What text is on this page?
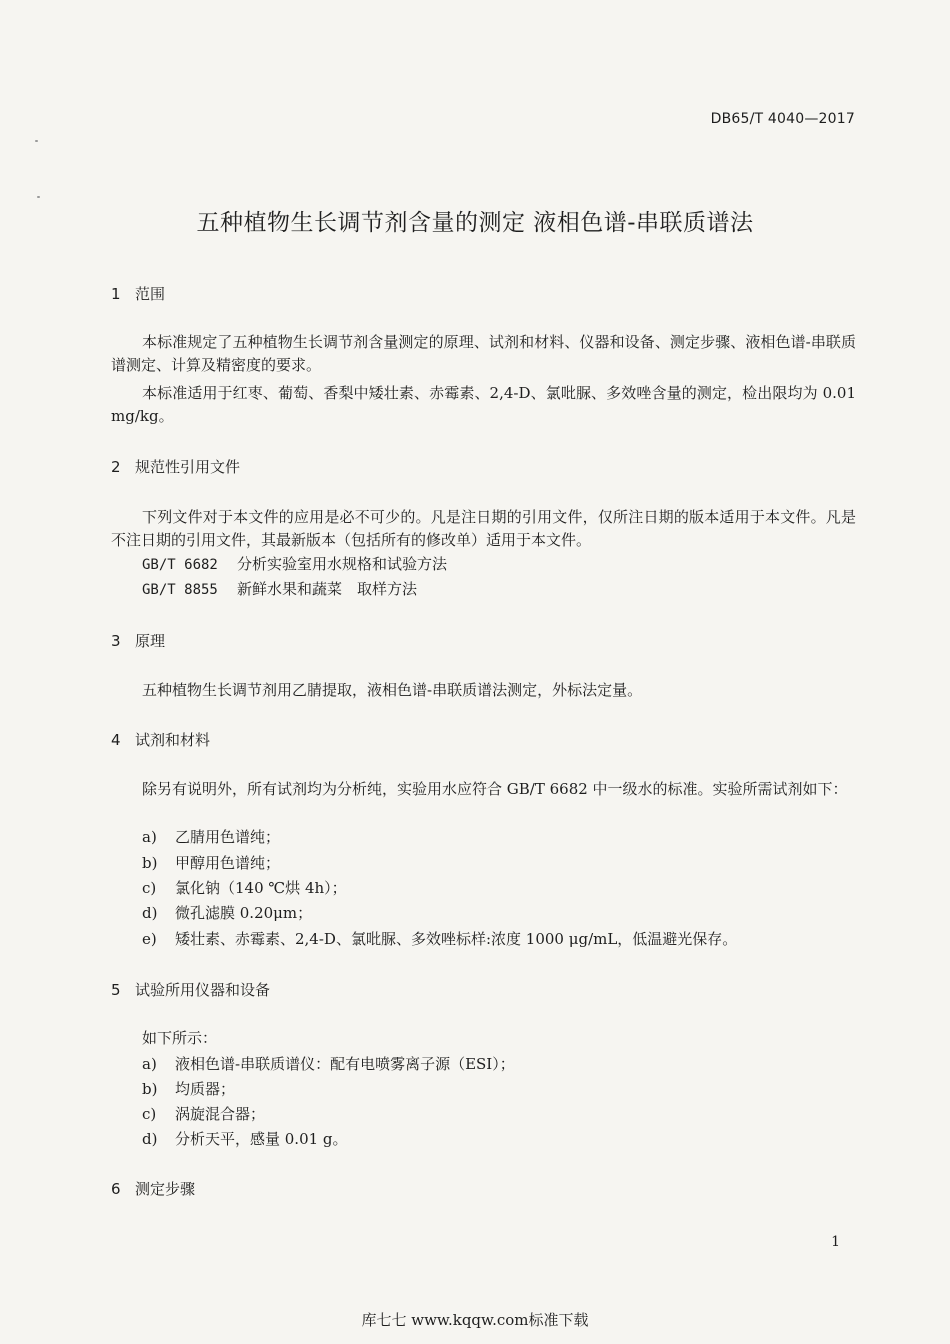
DB65/T 4040—2017
五种植物生长调节剂含量的测定 液相色谱-串联质谱法
1 范围

本标准规定了五种植物生长调节剂含量测定的原理、试剂和材料、仪器和设备、测定步骤、液相色谱-串联质谱测定、计算及精密度的要求。

本标准适用于红枣、葡萄、香梨中矮壮素、赤霉素、2,4-D、氯吡脲、多效唑含量的测定，检出限均为 0.01 mg/kg。

2 规范性引用文件

下列文件对于本文件的应用是必不可少的。凡是注日期的引用文件，仅所注日期的版本适用于本文件。凡是不注日期的引用文件，其最新版本（包括所有的修改单）适用于本文件。

GB/T 6682 分析实验室用水规格和试验方法
GB/T 8855 新鲜水果和蔬菜　取样方法
3 原理

五种植物生长调节剂用乙腈提取，液相色谱-串联质谱法测定，外标法定量。

4 试剂和材料

除另有说明外，所有试剂均为分析纯，实验用水应符合 GB/T 6682 中一级水的标准。实验所需试剂如下：

a) 乙腈用色谱纯；
b) 甲醇用色谱纯；
c) 氯化钠（140 ℃烘 4h）；
d) 微孔滤膜 0.20μm；
e) 矮壮素、赤霉素、2,4-D、氯吡脲、多效唑标样:浓度 1000 μg/mL，低温避光保存。
5 试验所用仪器和设备
如下所示：
a) 液相色谱-串联质谱仪：配有电喷雾离子源（ESI）；
b) 均质器；
c) 涡旋混合器；
d) 分析天平，感量 0.01 g。
6 测定步骤
1
库七七 www.kqqw.com标准下载
